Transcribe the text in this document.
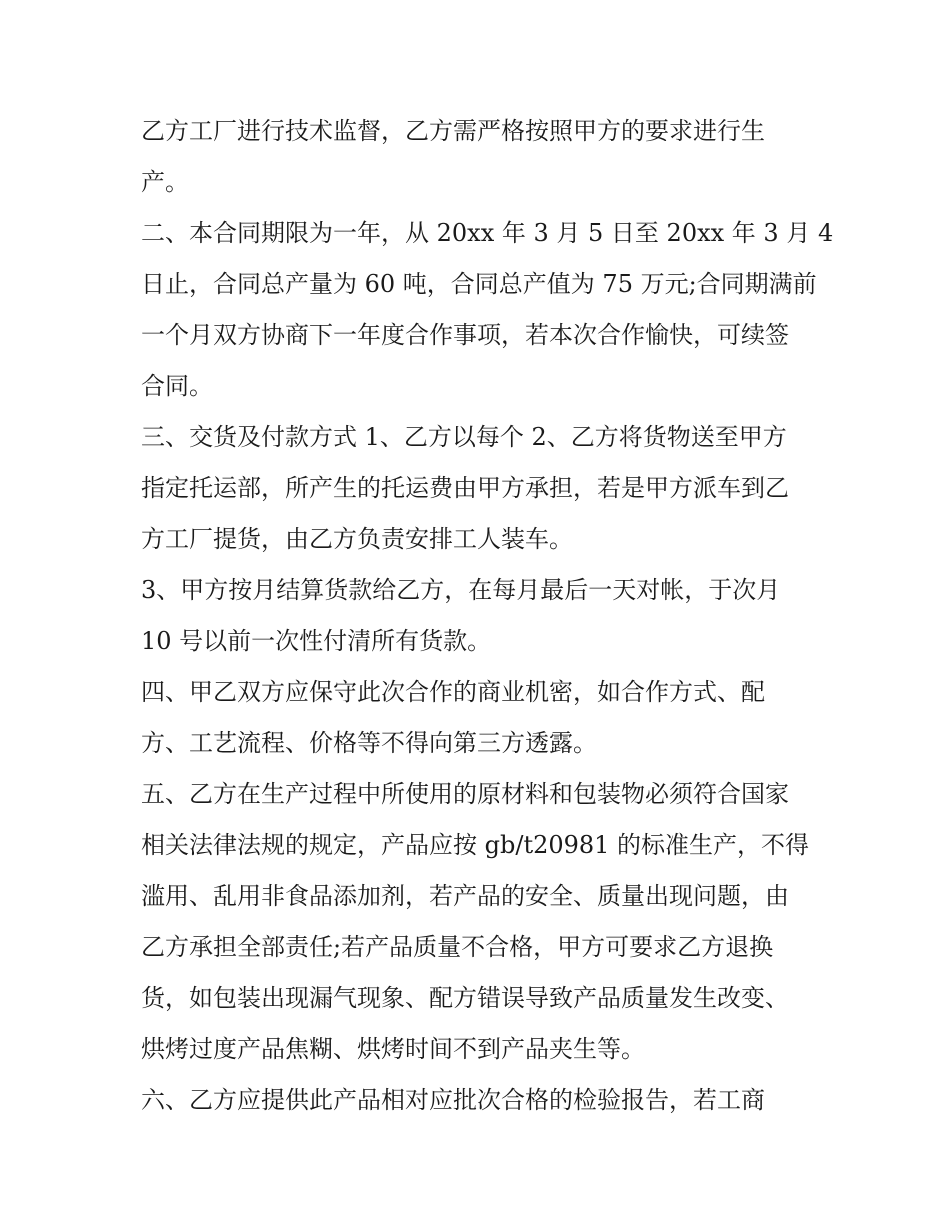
乙方工厂进行技术监督，乙方需严格按照甲方的要求进行生
产。
二、本合同期限为一年，从 20xx 年 3 月 5 日至 20xx 年 3 月 4
日止，合同总产量为 60 吨，合同总产值为 75 万元;合同期满前
一个月双方协商下一年度合作事项，若本次合作愉快，可续签
合同。
三、交货及付款方式 1、乙方以每个 2、乙方将货物送至甲方
指定托运部，所产生的托运费由甲方承担，若是甲方派车到乙
方工厂提货，由乙方负责安排工人装车。
3、甲方按月结算货款给乙方，在每月最后一天对帐，于次月
10 号以前一次性付清所有货款。
四、甲乙双方应保守此次合作的商业机密，如合作方式、配
方、工艺流程、价格等不得向第三方透露。
五、乙方在生产过程中所使用的原材料和包装物必须符合国家
相关法律法规的规定，产品应按 gb/t20981 的标准生产，不得
滥用、乱用非食品添加剂，若产品的安全、质量出现问题，由
乙方承担全部责任;若产品质量不合格，甲方可要求乙方退换
货，如包装出现漏气现象、配方错误导致产品质量发生改变、
烘烤过度产品焦糊、烘烤时间不到产品夹生等。
六、乙方应提供此产品相对应批次合格的检验报告，若工商
